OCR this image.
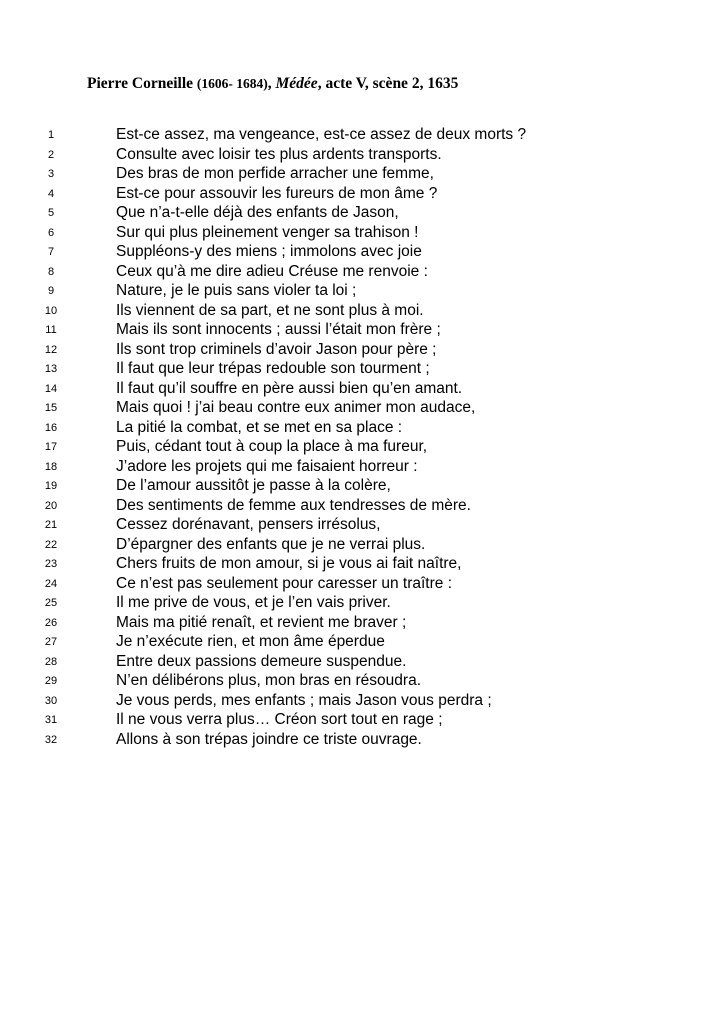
Pierre Corneille (1606- 1684), Médée, acte V, scène 2, 1635
1	Est-ce assez, ma vengeance, est-ce assez de deux morts ?
2	Consulte avec loisir tes plus ardents transports.
3	Des bras de mon perfide arracher une femme,
4	Est-ce pour assouvir les fureurs de mon âme ?
5	Que n’a-t-elle déjà des enfants de Jason,
6	Sur qui plus pleinement venger sa trahison !
7	Suppléons-y des miens ; immolons avec joie
8	Ceux qu’à me dire adieu Créuse me renvoie :
9	Nature, je le puis sans violer ta loi ;
10	Ils viennent de sa part, et ne sont plus à moi.
11	Mais ils sont innocents ; aussi l’était mon frère ;
12	Ils sont trop criminels d’avoir Jason pour père ;
13	Il faut que leur trépas redouble son tourment ;
14	Il faut qu’il souffre en père aussi bien qu’en amant.
15	Mais quoi ! j’ai beau contre eux animer mon audace,
16	La pitié la combat, et se met en sa place :
17	Puis, cédant tout à coup la place à ma fureur,
18	J’adore les projets qui me faisaient horreur :
19	De l’amour aussitôt je passe à la colère,
20	Des sentiments de femme aux tendresses de mère.
21	Cessez dorénavant, pensers irrésolus,
22	D’épargner des enfants que je ne verrai plus.
23	Chers fruits de mon amour, si je vous ai fait naître,
24	Ce n’est pas seulement pour caresser un traître :
25	Il me prive de vous, et je l’en vais priver.
26	Mais ma pitié renaît, et revient me braver ;
27	Je n’exécute rien, et mon âme éperdue
28	Entre deux passions demeure suspendue.
29	N’en délibérons plus, mon bras en résoudra.
30	Je vous perds, mes enfants ; mais Jason vous perdra ;
31	Il ne vous verra plus… Créon sort tout en rage ;
32	Allons à son trépas joindre ce triste ouvrage.
